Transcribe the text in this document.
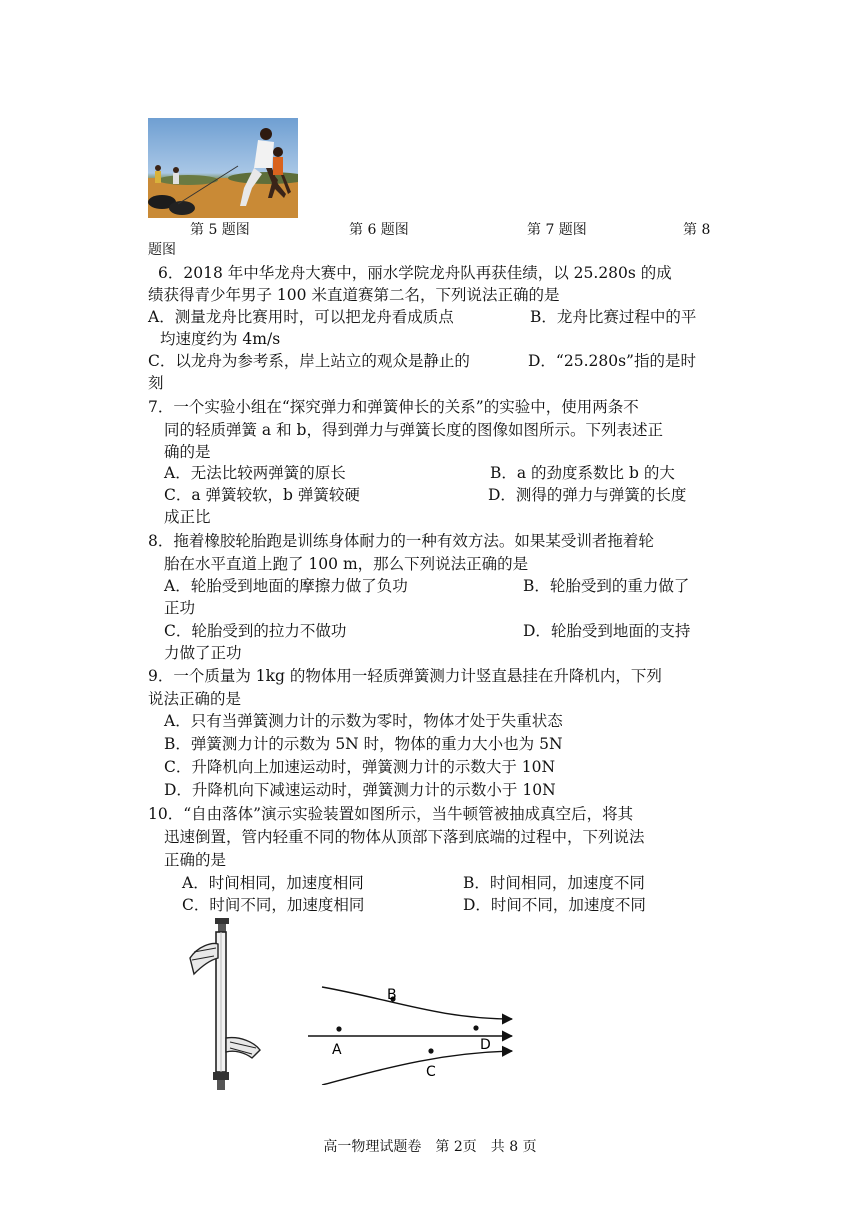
第 5 题图	第 6 题图	第 7 题图	第 8
题图
6．2018 年中华龙舟大赛中，丽水学院龙舟队再获佳绩，以 25.280s 的成
绩获得青少年男子 100 米直道赛第二名，下列说法正确的是
A．测量龙舟比赛用时，可以把龙舟看成质点	B．龙舟比赛过程中的平
均速度约为 4m/s
C．以龙舟为参考系，岸上站立的观众是静止的	D．“25.280s”指的是时
刻
7．一个实验小组在“探究弹力和弹簧伸长的关系”的实验中，使用两条不
同的轻质弹簧 a 和 b，得到弹力与弹簧长度的图像如图所示。下列表述正
确的是
A．无法比较两弹簧的原长	B．a 的劲度系数比 b 的大
C．a 弹簧较软，b 弹簧较硬	D．测得的弹力与弹簧的长度
成正比
8．拖着橡胶轮胎跑是训练身体耐力的一种有效方法。如果某受训者拖着轮
胎在水平直道上跑了 100 m，那么下列说法正确的是
A．轮胎受到地面的摩擦力做了负功	B．轮胎受到的重力做了
正功
C．轮胎受到的拉力不做功	D．轮胎受到地面的支持
力做了正功
9．一个质量为 1kg 的物体用一轻质弹簧测力计竖直悬挂在升降机内，下列
说法正确的是
A．只有当弹簧测力计的示数为零时，物体才处于失重状态
B．弹簧测力计的示数为 5N 时，物体的重力大小也为 5N
C．升降机向上加速运动时，弹簧测力计的示数大于 10N
D．升降机向下减速运动时，弹簧测力计的示数小于 10N
10．“自由落体”演示实验装置如图所示，当牛顿管被抽成真空后，将其
迅速倒置，管内轻重不同的物体从顶部下落到底端的过程中，下列说法
正确的是
A．时间相同，加速度相同	B．时间相同，加速度不同
C．时间不同，加速度相同	D．时间不同，加速度不同
A
B
C
D
高一物理试题卷　第 2页　共 8 页
